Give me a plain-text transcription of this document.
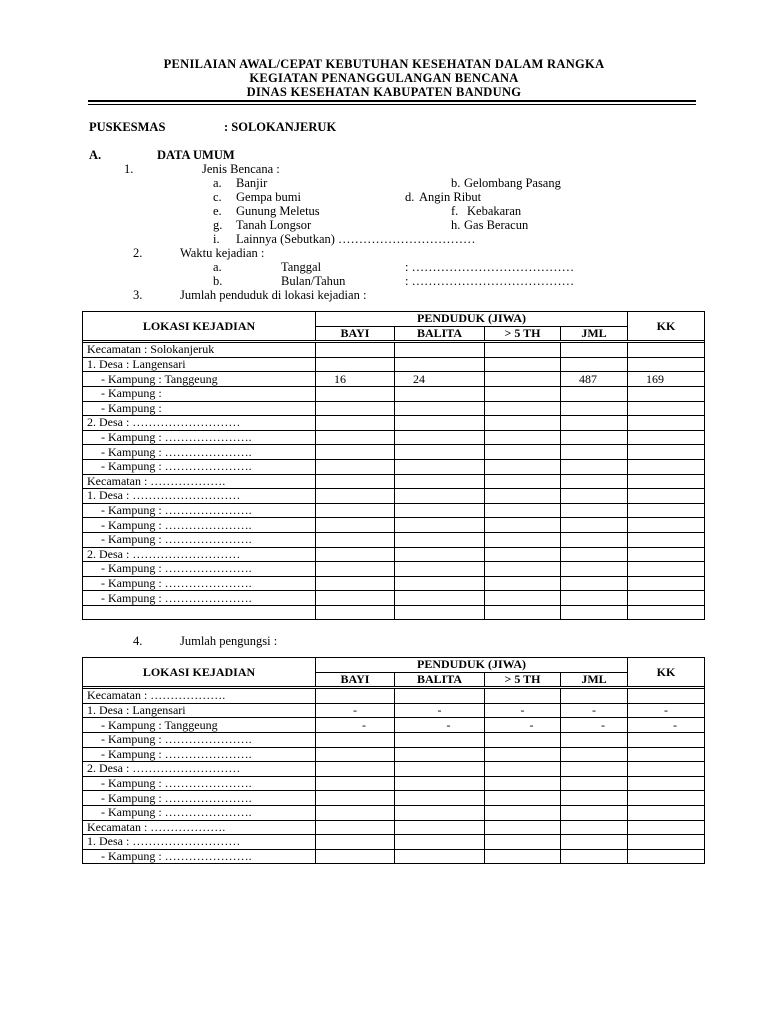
PENILAIAN AWAL/CEPAT KEBUTUHAN KESEHATAN DALAM RANGKA
KEGIATAN PENANGGULANGAN BENCANA
DINAS KESEHATAN KABUPATEN BANDUNG
PUSKESMAS	: SOLOKANJERUK
A.	DATA UMUM
1.	Jenis Bencana :
a. Banjir	b. Gelombang Pasang
c. Gempa bumi	d. Angin Ribut
e. Gunung Meletus	f. Kebakaran
g. Tanah Longsor	h. Gas Beracun
i. Lainnya (Sebutkan) ……………………………
2.	Waktu kejadian :
a.	Tanggal	: …………………………………
b.	Bulan/Tahun	: …………………………………
3.	Jumlah penduduk di lokasi kejadian :
LOKASI KEJADIAN	PENDUDUK (JIWA)				KK
	BAYI	BALITA	> 5 TH	JML	

Kecamatan : Solokanjeruk					
1. Desa : Langensari					
- Kampung : Tanggeung	16	24		487	169
- Kampung :					
- Kampung :					
2. Desa : ………………………					
- Kampung : ………………….					
- Kampung : ………………….					
- Kampung : ………………….					
Kecamatan : ……………….					
1. Desa : ………………………					
- Kampung : ………………….					
- Kampung : ………………….					
- Kampung : ………………….					
2. Desa : ………………………					
- Kampung : ………………….					
- Kampung : ………………….					
- Kampung : ………………….					

4.	Jumlah pengungsi :
LOKASI KEJADIAN	PENDUDUK (JIWA)				KK
	BAYI	BALITA	> 5 TH	JML	

Kecamatan : ……………….					
1. Desa : Langensari	-	-	-	-	-
- Kampung : Tanggeung	-	-	-	-	-
- Kampung : ………………….					
- Kampung : ………………….					
2. Desa : ………………………					
- Kampung : ………………….					
- Kampung : ………………….					
- Kampung : ………………….					
Kecamatan : ……………….					
1. Desa : ………………………					
- Kampung : ………………….					
